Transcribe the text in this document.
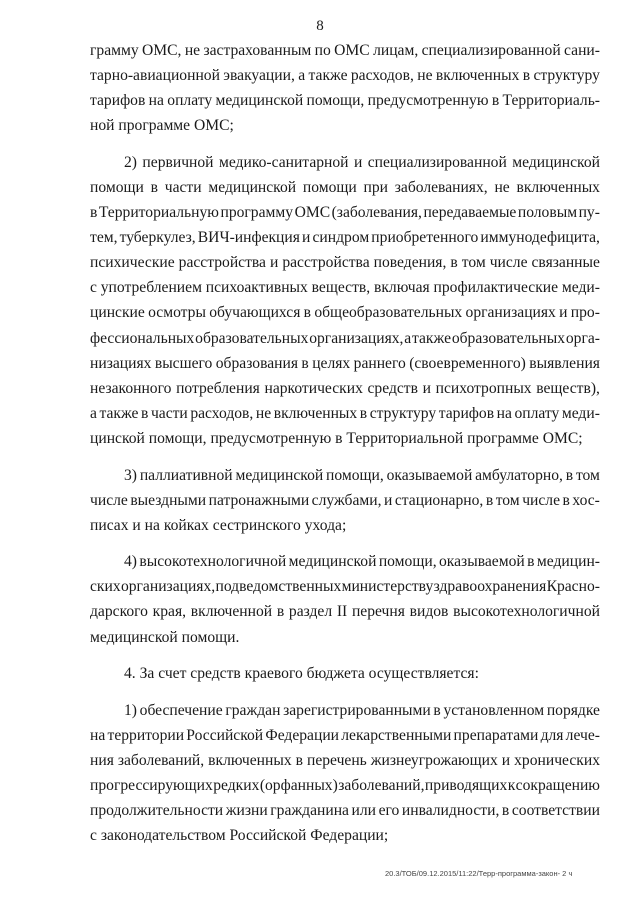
8
грамму ОМС, не застрахованным по ОМС лицам, специализированной сани-
тарно-авиационной эвакуации, а также расходов, не включенных в структуру
тарифов на оплату медицинской помощи, предусмотренную в Территориаль-
ной программе ОМС;
2) первичной медико-санитарной и специализированной медицинской
помощи в части медицинской помощи при заболеваниях, не включенных
в Территориальную программу ОМС (заболевания, передаваемые половым пу-
тем, туберкулез, ВИЧ-инфекция и синдром приобретенного иммунодефицита,
психические расстройства и расстройства поведения, в том числе связанные
с употреблением психоактивных веществ, включая профилактические меди-
цинские осмотры обучающихся в общеобразовательных организациях и про-
фессиональных образовательных организациях, а также образовательных орга-
низациях высшего образования в целях раннего (своевременного) выявления
незаконного потребления наркотических средств и психотропных веществ),
а также в части расходов, не включенных в структуру тарифов на оплату меди-
цинской помощи, предусмотренную в Территориальной программе ОМС;
3) паллиативной медицинской помощи, оказываемой амбулаторно, в том
числе выездными патронажными службами, и стационарно, в том числе в хос-
писах и на койках сестринского ухода;
4) высокотехнологичной медицинской помощи, оказываемой в медицин-
ских организациях, подведомственных министерству здравоохранения Красно-
дарского края, включенной в раздел II перечня видов высокотехнологичной
медицинской помощи.
4. За счет средств краевого бюджета осуществляется:
1) обеспечение граждан зарегистрированными в установленном порядке
на территории Российской Федерации лекарственными препаратами для лече-
ния заболеваний, включенных в перечень жизнеугрожающих и хронических
прогрессирующих редких (орфанных) заболеваний, приводящих к сокращению
продолжительности жизни гражданина или его инвалидности, в соответствии
с законодательством Российской Федерации;
20.3/ТОБ/09.12.2015/11:22/Терр-программа-закон- 2 ч
